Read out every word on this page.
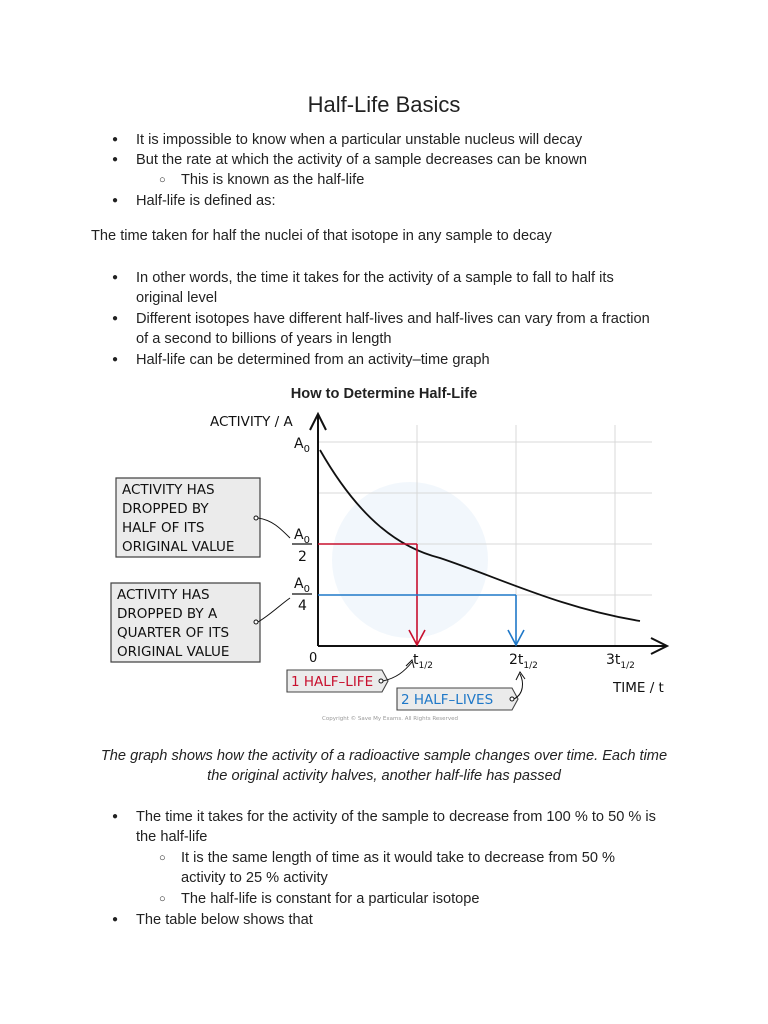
Half-Life Basics
● It is impossible to know when a particular unstable nucleus will decay
● But the rate at which the activity of a sample decreases can be known
○ This is known as the half-life
● Half-life is defined as:
The time taken for half the nuclei of that isotope in any sample to decay
● In other words, the time it takes for the activity of a sample to fall to half its
original level
● Different isotopes have different half-lives and half-lives can vary from a fraction
of a second to billions of years in length
● Half-life can be determined from an activity–time graph
How to Determine Half-Life
ACTIVITY / A
$A_0$
$A_0$
2
$A_0$
4
0	$t_{1/2}$	$2t_{1/2}$	$3t_{1/2}$
TIME / t
ACTIVITY HAS
DROPPED BY
HALF OF ITS
ORIGINAL VALUE
ACTIVITY HAS
DROPPED BY A
QUARTER OF ITS
ORIGINAL VALUE
1 HALF–LIFE
2 HALF–LIVES
Copyright © Save My Exams. All Rights Reserved
The graph shows how the activity of a radioactive sample changes over time. Each time
the original activity halves, another half-life has passed
● The time it takes for the activity of the sample to decrease from 100 % to 50 % is
the half-life
○ It is the same length of time as it would take to decrease from 50 %
activity to 25 % activity
○ The half-life is constant for a particular isotope
● The table below shows that
